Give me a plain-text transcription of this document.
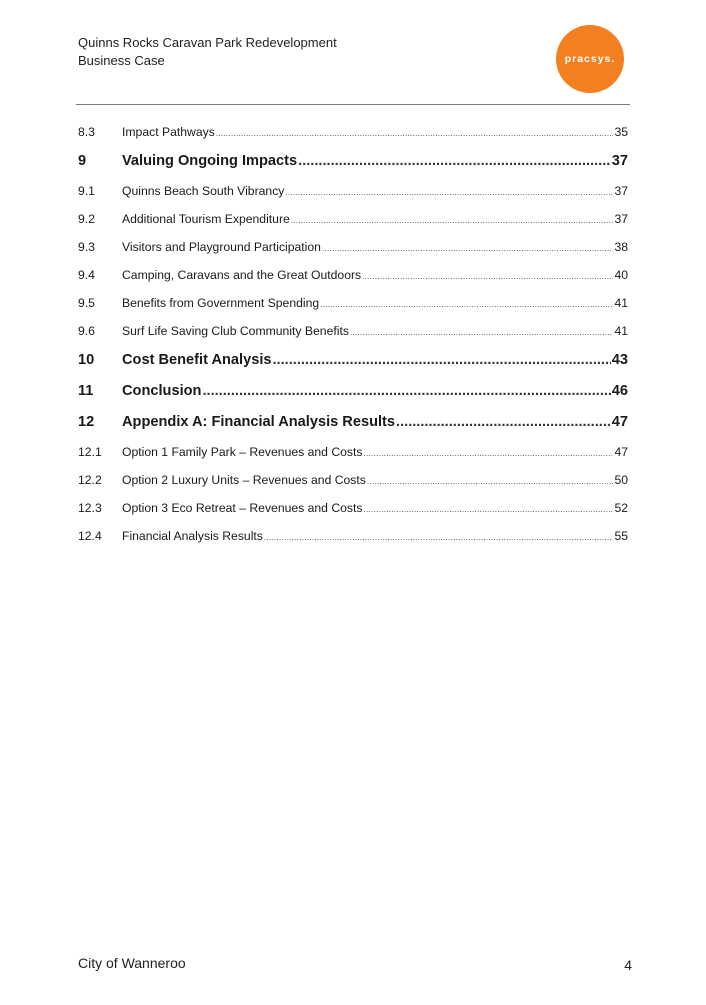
Quinns Rocks Caravan Park Redevelopment
Business Case	pracsys.
8.3	Impact Pathways .....	35
9	Valuing Ongoing Impacts .....	37
9.1	Quinns Beach South Vibrancy .....	37
9.2	Additional Tourism Expenditure .....	37
9.3	Visitors and Playground Participation .....	38
9.4	Camping, Caravans and the Great Outdoors .....	40
9.5	Benefits from Government Spending .....	41
9.6	Surf Life Saving Club Community Benefits .....	41
10	Cost Benefit Analysis .....	43
11	Conclusion .....	46
12	Appendix A: Financial Analysis Results .....	47
12.1	Option 1 Family Park – Revenues and Costs .....	47
12.2	Option 2 Luxury Units – Revenues and Costs .....	50
12.3	Option 3 Eco Retreat – Revenues and Costs .....	52
12.4	Financial Analysis Results .....	55
City of Wanneroo	4
